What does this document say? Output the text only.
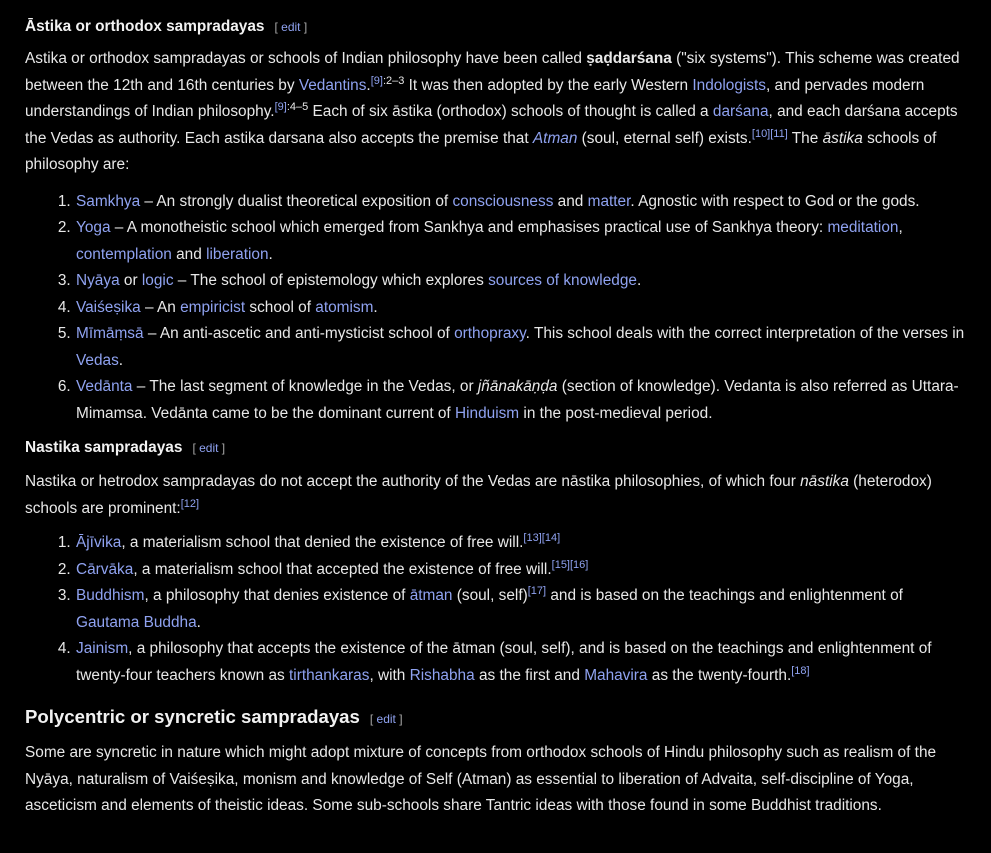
Āstika or orthodox sampradayas [ edit ]

Astika or orthodox sampradayas or schools of Indian philosophy have been called ṣaḍdarśana ("six systems"). This scheme was created between the 12th and 16th centuries by Vedantins.$^{[9]:2-3}$ It was then adopted by the early Western Indologists, and pervades modern understandings of Indian philosophy.$^{[9]:4-5}$ Each of six āstika (orthodox) schools of thought is called a darśana, and each darśana accepts the Vedas as authority. Each astika darsana also accepts the premise that Atman (soul, eternal self) exists.[10][11] The āstika schools of philosophy are:

1. Samkhya – An strongly dualist theoretical exposition of consciousness and matter. Agnostic with respect to God or the gods.
2. Yoga – A monotheistic school which emerged from Sankhya and emphasises practical use of Sankhya theory: meditation, contemplation and liberation.
3. Nyāya or logic – The school of epistemology which explores sources of knowledge.
4. Vaiśeṣika – An empiricist school of atomism.
5. Mīmāṃsā – An anti-ascetic and anti-mysticist school of orthopraxy. This school deals with the correct interpretation of the verses in Vedas.
6. Vedānta – The last segment of knowledge in the Vedas, or jñānakāṇḍa (section of knowledge). Vedanta is also referred as Uttara-Mimamsa. Vedānta came to be the dominant current of Hinduism in the post-medieval period.
Nastika sampradayas [ edit ]

Nastika or hetrodox sampradayas do not accept the authority of the Vedas are nāstika philosophies, of which four nāstika (heterodox) schools are prominent:[12]

1. Ājīvika, a materialism school that denied the existence of free will.[13][14]
2. Cārvāka, a materialism school that accepted the existence of free will.[15][16]
3. Buddhism, a philosophy that denies existence of ātman (soul, self)[17] and is based on the teachings and enlightenment of Gautama Buddha.
4. Jainism, a philosophy that accepts the existence of the ātman (soul, self), and is based on the teachings and enlightenment of twenty-four teachers known as tirthankaras, with Rishabha as the first and Mahavira as the twenty-fourth.[18]
Polycentric or syncretic sampradayas [ edit ]

Some are syncretic in nature which might adopt mixture of concepts from orthodox schools of Hindu philosophy such as realism of the Nyāya, naturalism of Vaiśeṣika, monism and knowledge of Self (Atman) as essential to liberation of Advaita, self-discipline of Yoga, asceticism and elements of theistic ideas. Some sub-schools share Tantric ideas with those found in some Buddhist traditions.
